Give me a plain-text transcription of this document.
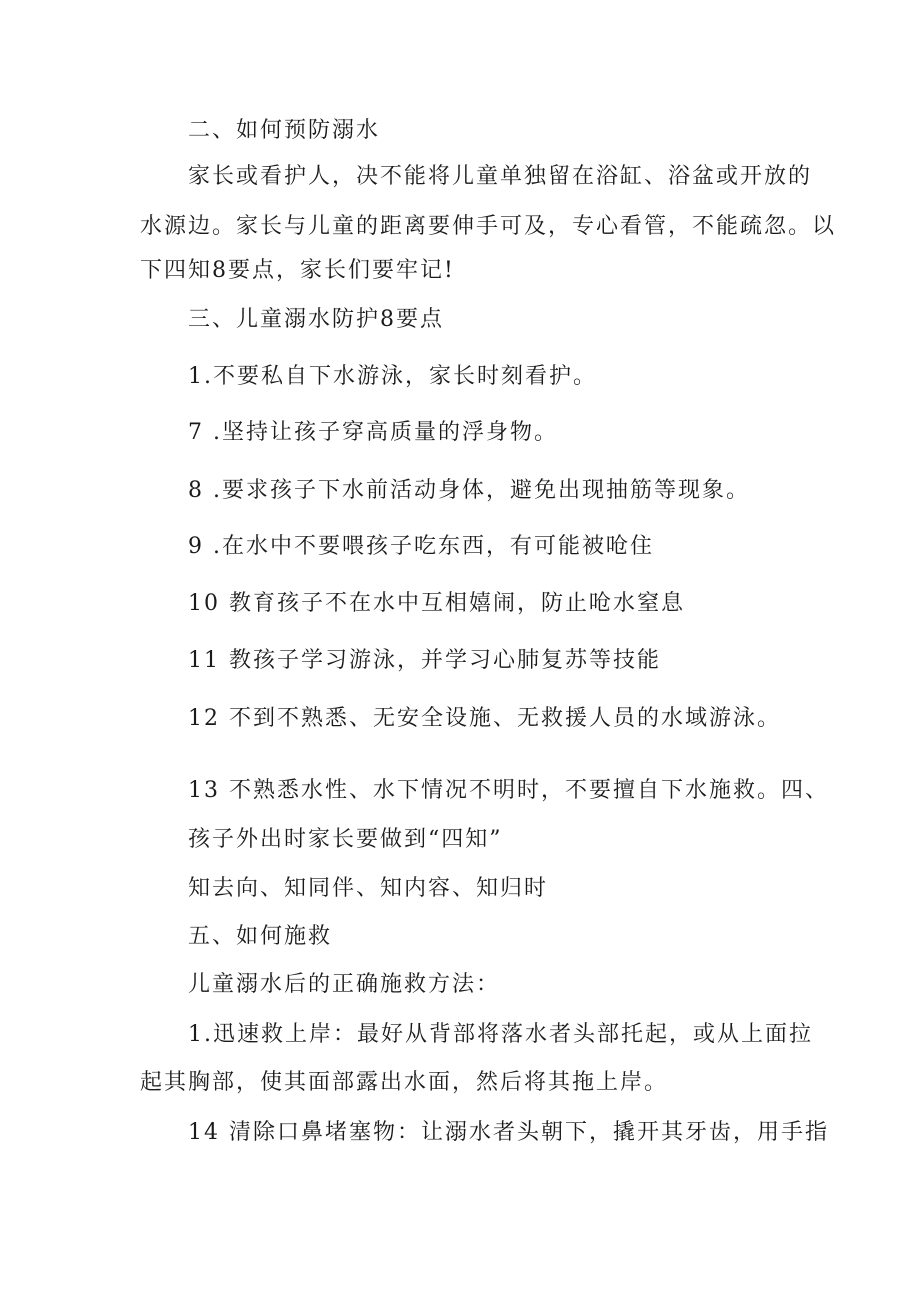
二、如何预防溺水
家长或看护人，决不能将儿童单独留在浴缸、浴盆或开放的
水源边。家长与儿童的距离要伸手可及，专心看管，不能疏忽。以
下四知8要点，家长们要牢记!
三、儿童溺水防护8要点
1.不要私自下水游泳，家长时刻看护。
7 .坚持让孩子穿高质量的浮身物。
8 .要求孩子下水前活动身体，避免出现抽筋等现象。
9 .在水中不要喂孩子吃东西，有可能被呛住
10 教育孩子不在水中互相嬉闹，防止呛水窒息
11 教孩子学习游泳，并学习心肺复苏等技能
12 不到不熟悉、无安全设施、无救援人员的水域游泳。
13 不熟悉水性、水下情况不明时，不要擅自下水施救。四、
孩子外出时家长要做到“四知”
知去向、知同伴、知内容、知归时
五、如何施救
儿童溺水后的正确施救方法：
1.迅速救上岸：最好从背部将落水者头部托起，或从上面拉
起其胸部，使其面部露出水面，然后将其拖上岸。
14 清除口鼻堵塞物：让溺水者头朝下，撬开其牙齿，用手指
